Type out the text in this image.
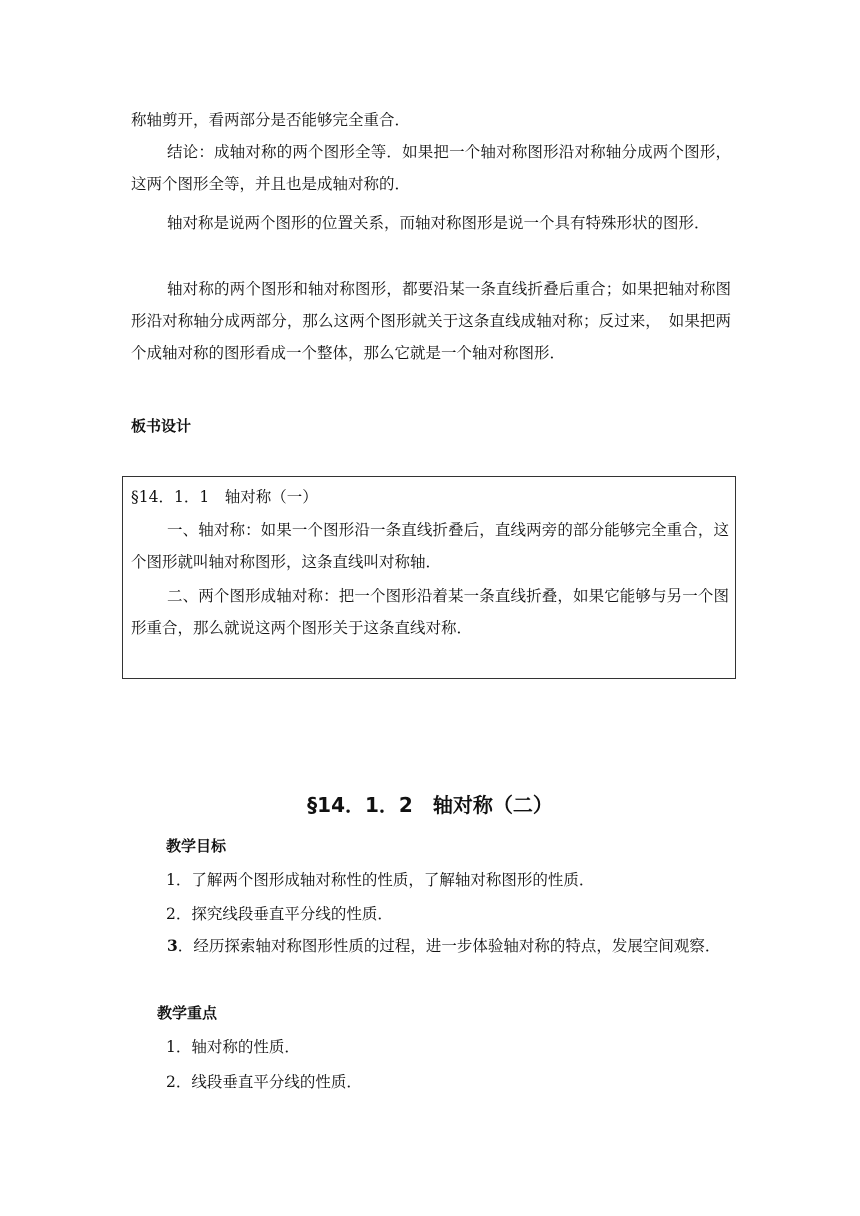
称轴剪开，看两部分是否能够完全重合．

结论：成轴对称的两个图形全等．如果把一个轴对称图形沿对称轴分成两个图形，这两个图形全等，并且也是成轴对称的．

轴对称是说两个图形的位置关系，而轴对称图形是说一个具有特殊形状的图形．

轴对称的两个图形和轴对称图形，都要沿某一条直线折叠后重合；如果把轴对称图形沿对称轴分成两部分，那么这两个图形就关于这条直线成轴对称；反过来，　如果把两个成轴对称的图形看成一个整体，那么它就是一个轴对称图形．

板书设计

§14．1．1　轴对称（一）

一、轴对称：如果一个图形沿一条直线折叠后，直线两旁的部分能够完全重合，这个图形就叫轴对称图形，这条直线叫对称轴．

二、两个图形成轴对称：把一个图形沿着某一条直线折叠，如果它能够与另一个图形重合，那么就说这两个图形关于这条直线对称．

§14．1．2　轴对称（二）

教学目标

1．了解两个图形成轴对称性的性质，了解轴对称图形的性质．

2．探究线段垂直平分线的性质．

3．经历探索轴对称图形性质的过程，进一步体验轴对称的特点，发展空间观察．

教学重点

1．轴对称的性质．

2．线段垂直平分线的性质．
